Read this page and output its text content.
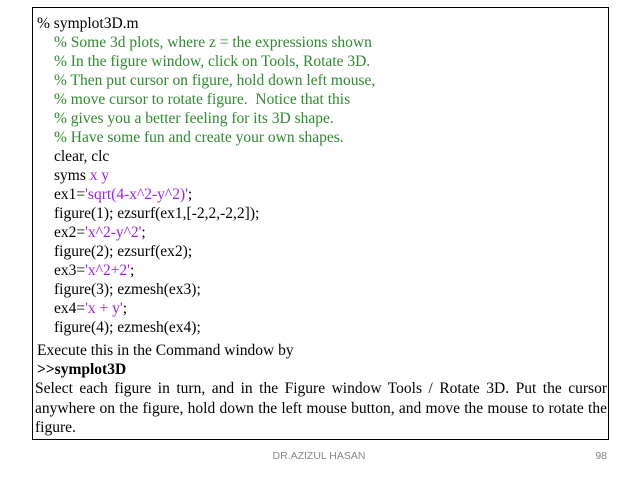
% symplot3D.m
% Some 3d plots, where z = the expressions shown
% In the figure window, click on Tools, Rotate 3D.
% Then put cursor on figure, hold down left mouse,
% move cursor to rotate figure.  Notice that this
% gives you a better feeling for its 3D shape.
% Have some fun and create your own shapes.
clear, clc
syms x y
ex1='sqrt(4-x^2-y^2)';
figure(1); ezsurf(ex1,[-2,2,-2,2]);
ex2='x^2-y^2';
figure(2); ezsurf(ex2);
ex3='x^2+2';
figure(3); ezmesh(ex3);
ex4='x + y';
figure(4); ezmesh(ex4);
Execute this in the Command window by
>>symplot3D
Select each figure in turn, and in the Figure window Tools / Rotate 3D. Put the cursor anywhere on the figure, hold down the left mouse button, and move the mouse to rotate the figure.
DR.AZIZUL HASAN	98
